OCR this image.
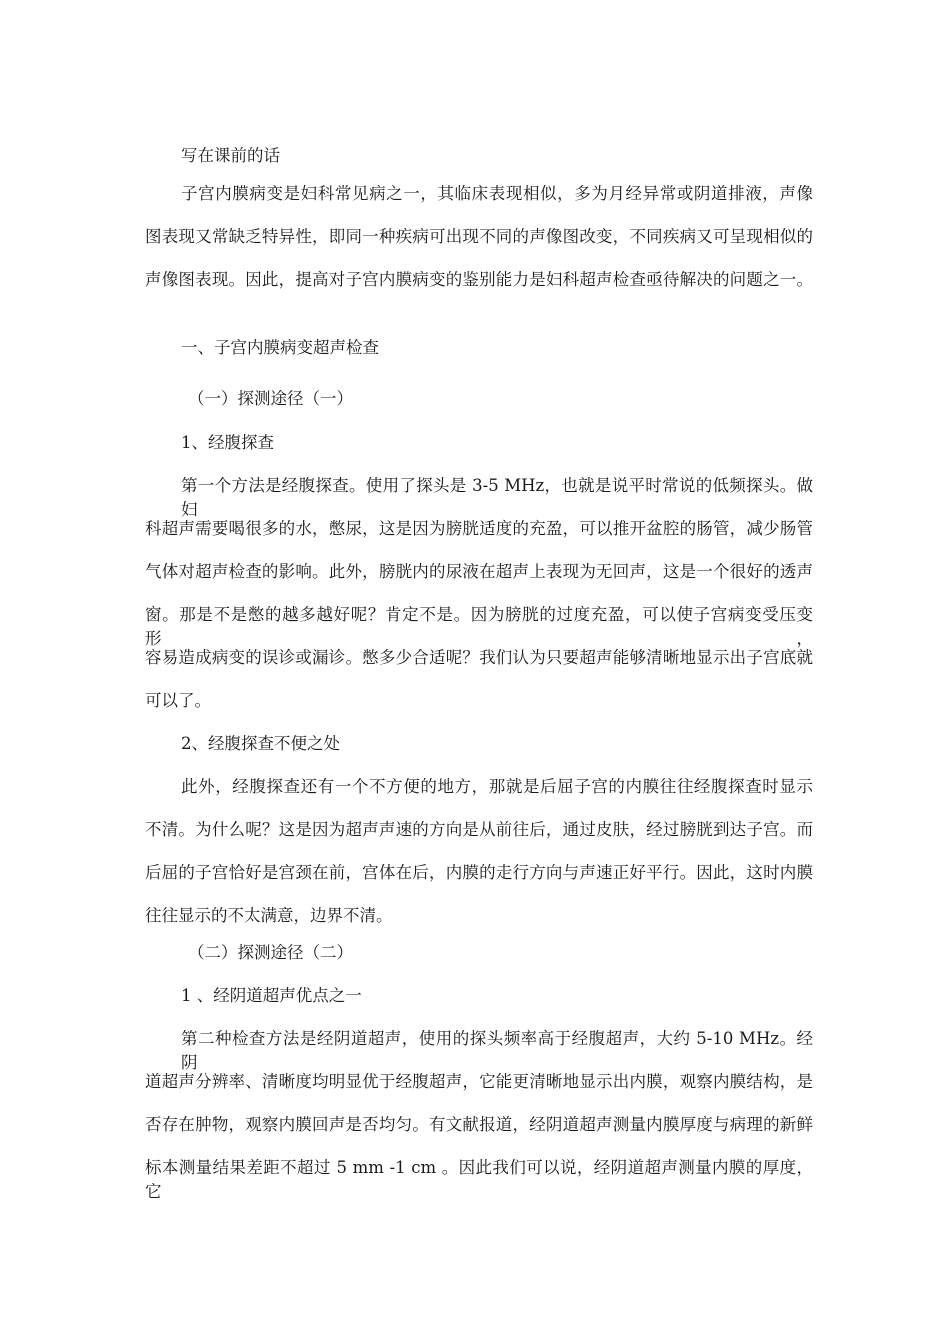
写在课前的话
子宫内膜病变是妇科常见病之一，其临床表现相似，多为月经异常或阴道排液，声像
图表现又常缺乏特异性，即同一种疾病可出现不同的声像图改变，不同疾病又可呈现相似的
声像图表现。因此，提高对子宫内膜病变的鉴别能力是妇科超声检查亟待解决的问题之一。
一、子宫内膜病变超声检查
（一）探测途径（一）
1、经腹探查
第一个方法是经腹探查。使用了探头是 3-5 MHz，也就是说平时常说的低频探头。做妇
科超声需要喝很多的水，憋尿，这是因为膀胱适度的充盈，可以推开盆腔的肠管，减少肠管
气体对超声检查的影响。此外，膀胱内的尿液在超声上表现为无回声，这是一个很好的透声
窗。那是不是憋的越多越好呢？肯定不是。因为膀胱的过度充盈，可以使子宫病变受压变形，
容易造成病变的误诊或漏诊。憋多少合适呢？我们认为只要超声能够清晰地显示出子宫底就
可以了。
2、经腹探查不便之处
此外，经腹探查还有一个不方便的地方，那就是后屈子宫的内膜往往经腹探查时显示
不清。为什么呢？这是因为超声声速的方向是从前往后，通过皮肤，经过膀胱到达子宫。而
后屈的子宫恰好是宫颈在前，宫体在后，内膜的走行方向与声速正好平行。因此，这时内膜
往往显示的不太满意，边界不清。
（二）探测途径（二）
1 、经阴道超声优点之一
第二种检查方法是经阴道超声，使用的探头频率高于经腹超声，大约 5-10 MHz。经阴
道超声分辨率、清晰度均明显优于经腹超声，它能更清晰地显示出内膜，观察内膜结构，是
否存在肿物，观察内膜回声是否均匀。有文献报道，经阴道超声测量内膜厚度与病理的新鲜
标本测量结果差距不超过 5 mm -1 cm 。因此我们可以说，经阴道超声测量内膜的厚度，它
